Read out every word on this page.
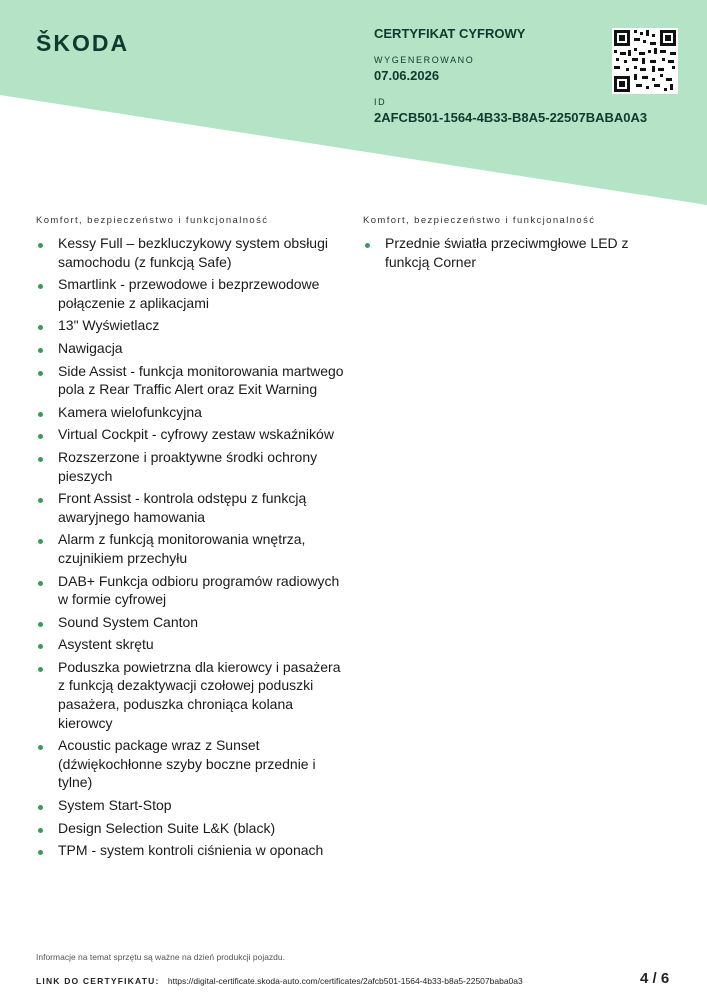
ŠKODA	CERTYFIKAT CYFROWY
WYGENEROWANO
07.06.2026
ID
2AFCB501-1564-4B33-B8A5-22507BABA0A3
Komfort, bezpieczeństwo i funkcjonalność
Kessy Full – bezkluczykowy system obsługi samochodu (z funkcją Safe)
Smartlink - przewodowe i bezprzewodowe połączenie z aplikacjami
13" Wyświetlacz
Nawigacja
Side Assist - funkcja monitorowania martwego pola z Rear Traffic Alert oraz Exit Warning
Kamera wielofunkcyjna
Virtual Cockpit - cyfrowy zestaw wskaźników
Rozszerzone i proaktywne środki ochrony pieszych
Front Assist - kontrola odstępu z funkcją awaryjnego hamowania
Alarm z funkcją monitorowania wnętrza, czujnikiem przechyłu
DAB+ Funkcja odbioru programów radiowych w formie cyfrowej
Sound System Canton
Asystent skrętu
Poduszka powietrzna dla kierowcy i pasażera z funkcją dezaktywacji czołowej poduszki pasażera, poduszka chroniąca kolana kierowcy
Acoustic package wraz z Sunset (dźwiękochłonne szyby boczne przednie i tylne)
System Start-Stop
Design Selection Suite L&K (black)
TPM - system kontroli ciśnienia w oponach
Komfort, bezpieczeństwo i funkcjonalność
Przednie światła przeciwmgłowe LED z funkcją Corner
Informacje na temat sprzętu są ważne na dzień produkcji pojazdu.
LINK DO CERTYFIKATU: https://digital-certificate.skoda-auto.com/certificates/2afcb501-1564-4b33-b8a5-22507baba0a3	4 / 6
